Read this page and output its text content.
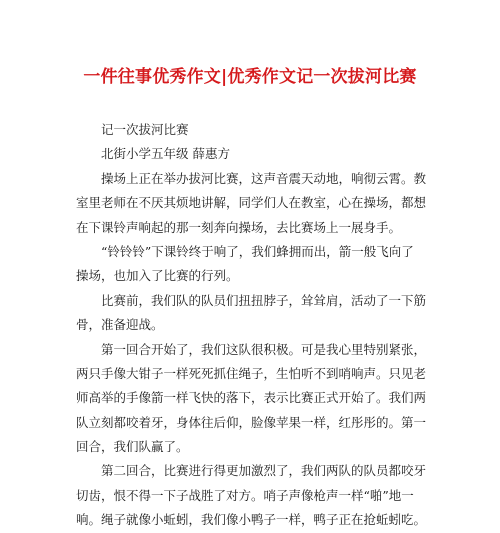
一件往事优秀作文|优秀作文记一次拔河比赛
记一次拔河比赛
北街小学五年级 薛惠方

操场上正在举办拔河比赛，这声音震天动地，响彻云霄。教
室里老师在不厌其烦地讲解，同学们人在教室，心在操场，都想
在下课铃声响起的那一刻奔向操场，去比赛场上一展身手。

“铃铃铃”下课铃终于响了，我们蜂拥而出，箭一般飞向了
操场，也加入了比赛的行列。

比赛前，我们队的队员们扭扭脖子，耸耸肩，活动了一下筋
骨，准备迎战。

第一回合开始了，我们这队很积极。可是我心里特别紧张，
两只手像大钳子一样死死抓住绳子，生怕听不到哨响声。只见老
师高举的手像箭一样飞快的落下，表示比赛正式开始了。我们两
队立刻都咬着牙，身体往后仰，脸像苹果一样，红彤彤的。第一
回合，我们队赢了。

第二回合，比赛进行得更加激烈了，我们两队的队员都咬牙
切齿，恨不得一下子战胜了对方。哨子声像枪声一样“啪”地一
响。绳子就像小蚯蚓，我们像小鸭子一样，鸭子正在抢蚯蚓吃。
